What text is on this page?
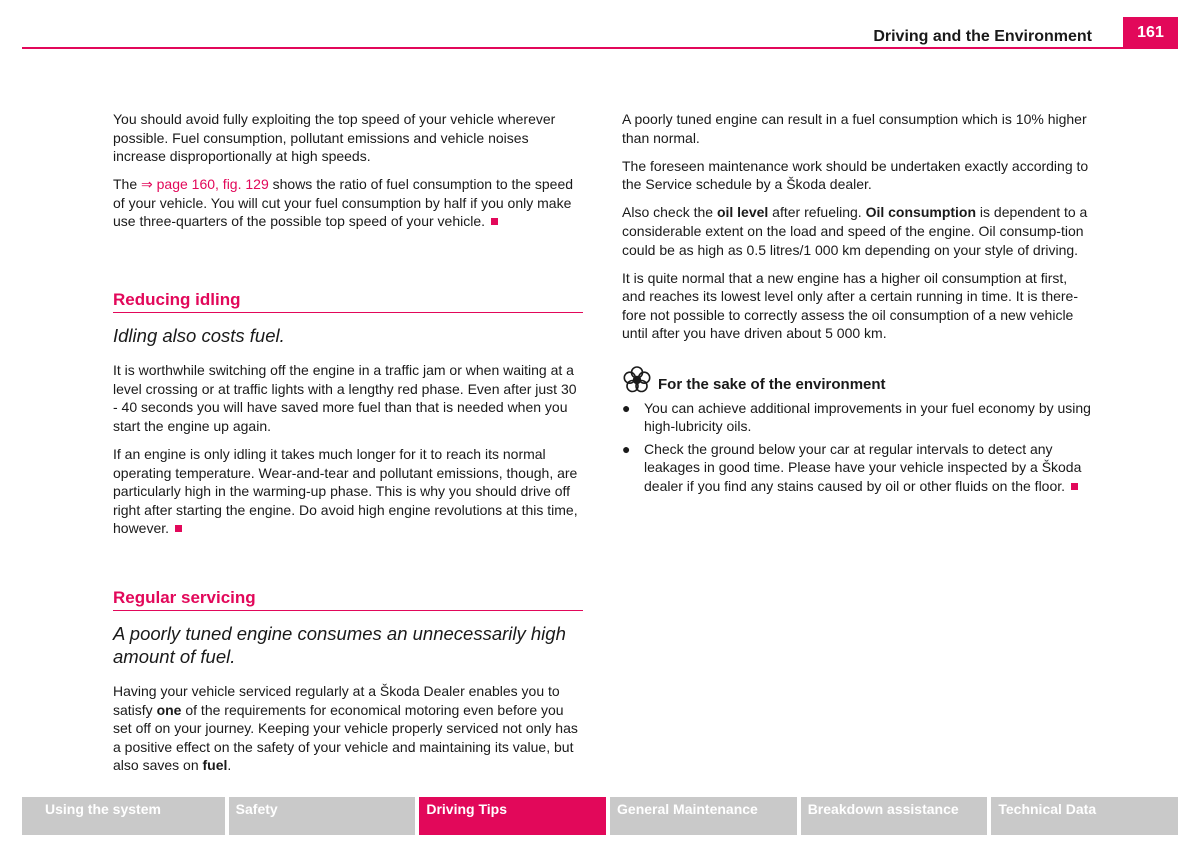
Driving and the Environment	161

You should avoid fully exploiting the top speed of your vehicle wherever possible. Fuel consumption, pollutant emissions and vehicle noises increase disproportionally at high speeds.

The ⇒ page 160, fig. 129 shows the ratio of fuel consumption to the speed of your vehicle. You will cut your fuel consumption by half if you only make use three-quarters of the possible top speed of your vehicle.

Reducing idling

Idling also costs fuel.

It is worthwhile switching off the engine in a traffic jam or when waiting at a level crossing or at traffic lights with a lengthy red phase. Even after just 30 - 40 seconds you will have saved more fuel than that is needed when you start the engine up again.

If an engine is only idling it takes much longer for it to reach its normal operating temperature. Wear-and-tear and pollutant emissions, though, are particularly high in the warming-up phase. This is why you should drive off right after starting the engine. Do avoid high engine revolutions at this time, however.

Regular servicing

A poorly tuned engine consumes an unnecessarily high amount of fuel.

Having your vehicle serviced regularly at a Škoda Dealer enables you to satisfy one of the requirements for economical motoring even before you set off on your journey. Keeping your vehicle properly serviced not only has a positive effect on the safety of your vehicle and maintaining its value, but also saves on fuel.

A poorly tuned engine can result in a fuel consumption which is 10% higher than normal.

The foreseen maintenance work should be undertaken exactly according to the Service schedule by a Škoda dealer.

Also check the oil level after refueling. Oil consumption is dependent to a considerable extent on the load and speed of the engine. Oil consump-tion could be as high as 0.5 litres/1 000 km depending on your style of driving.

It is quite normal that a new engine has a higher oil consumption at first, and reaches its lowest level only after a certain running in time. It is there-fore not possible to correctly assess the oil consumption of a new vehicle until after you have driven about 5 000 km.

For the sake of the environment
● You can achieve additional improvements in your fuel economy by using high-lubricity oils.
● Check the ground below your car at regular intervals to detect any leakages in good time. Please have your vehicle inspected by a Škoda dealer if you find any stains caused by oil or other fluids on the floor.
Using the system	Safety	Driving Tips	General Maintenance	Breakdown assistance	Technical Data
